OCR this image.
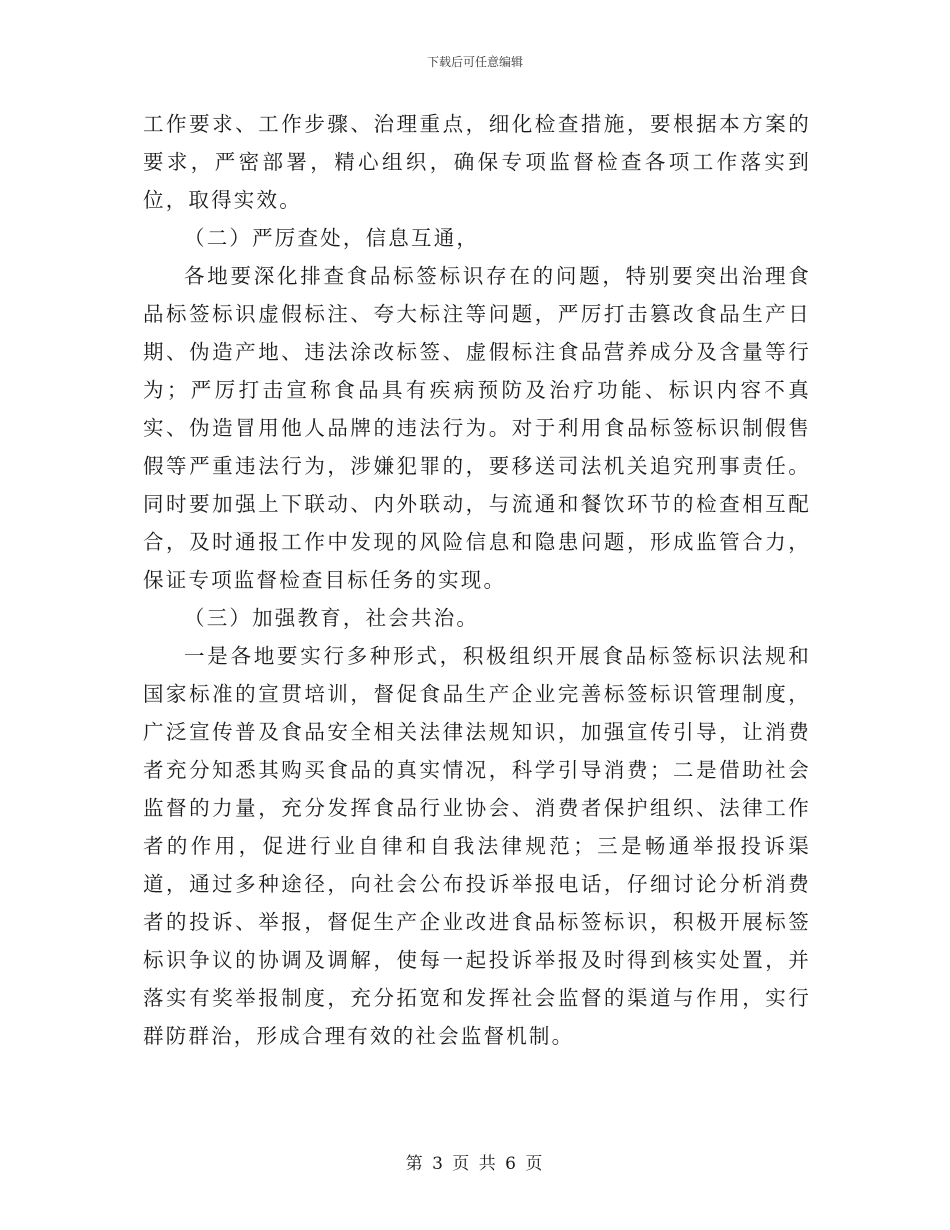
下载后可任意编辑

工作要求、工作步骤、治理重点，细化检查措施，要根据本方案的要求，严密部署，精心组织，确保专项监督检查各项工作落实到位，取得实效。

（二）严厉查处，信息互通，

各地要深化排查食品标签标识存在的问题，特别要突出治理食品标签标识虚假标注、夸大标注等问题，严厉打击篡改食品生产日期、伪造产地、违法涂改标签、虚假标注食品营养成分及含量等行为；严厉打击宣称食品具有疾病预防及治疗功能、标识内容不真实、伪造冒用他人品牌的违法行为。对于利用食品标签标识制假售假等严重违法行为，涉嫌犯罪的，要移送司法机关追究刑事责任。同时要加强上下联动、内外联动，与流通和餐饮环节的检查相互配合，及时通报工作中发现的风险信息和隐患问题，形成监管合力，保证专项监督检查目标任务的实现。

（三）加强教育，社会共治。

一是各地要实行多种形式，积极组织开展食品标签标识法规和国家标准的宣贯培训，督促食品生产企业完善标签标识管理制度，广泛宣传普及食品安全相关法律法规知识，加强宣传引导，让消费者充分知悉其购买食品的真实情况，科学引导消费；二是借助社会监督的力量，充分发挥食品行业协会、消费者保护组织、法律工作者的作用，促进行业自律和自我法律规范；三是畅通举报投诉渠道，通过多种途径，向社会公布投诉举报电话，仔细讨论分析消费者的投诉、举报，督促生产企业改进食品标签标识，积极开展标签标识争议的协调及调解，使每一起投诉举报及时得到核实处置，并落实有奖举报制度，充分拓宽和发挥社会监督的渠道与作用，实行群防群治，形成合理有效的社会监督机制。

第 3 页 共 6 页
